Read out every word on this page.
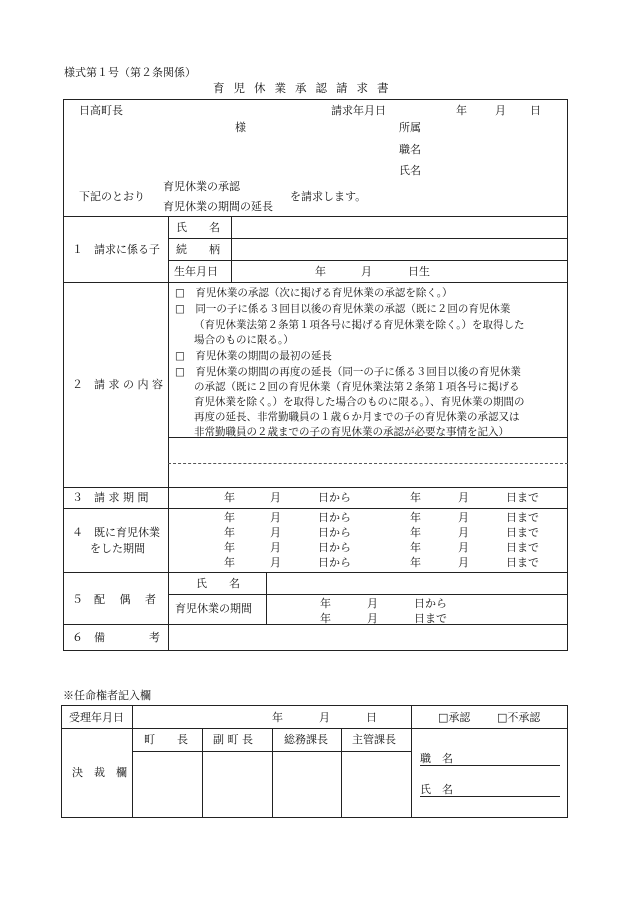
様式第１号（第２条関係）
育児休業承認請求書
日高町長
様
請求年月日	年	月 日
所属
職名
氏名
下記のとおり
育児休業の承認
育児休業の期間の延長
を請求します。
１　請求に係る子
氏　　名
続　　柄
生年月日	年	月	日生
２　請 求 の 内 容
□　育児休業の承認（次に掲げる育児休業の承認を除く。）
□　同一の子に係る３回目以後の育児休業の承認（既に２回の育児休業
（育児休業法第２条第１項各号に掲げる育児休業を除く。）を取得した
場合のものに限る。）
□　育児休業の期間の最初の延長
□　育児休業の期間の再度の延長（同一の子に係る３回目以後の育児休業
の承認（既に２回の育児休業（育児休業法第２条第１項各号に掲げる
育児休業を除く。）を取得した場合のものに限る。）、育児休業の期間の
再度の延長、非常勤職員の１歳６か月までの子の育児休業の承認又は
非常勤職員の２歳までの子の育児休業の承認が必要な事情を記入）
３　請 求 期 間	年	月	日から	年	月	日まで
４　既に育児休業
をした期間
年	月	日から	年	月	日まで
年	月	日から	年	月	日まで
年	月	日から	年	月	日まで
年	月	日から	年	月	日まで
５　配　 偶 　者
氏　　名
育児休業の期間	年	月	日から
年	月	日まで
６　備　　　　考
※任命権者記入欄
受理年月日	年	月	日	□承認 □不承認
決　裁　欄
町　　長 副 町 長	総務課長 主管課長
職　名
氏　名
